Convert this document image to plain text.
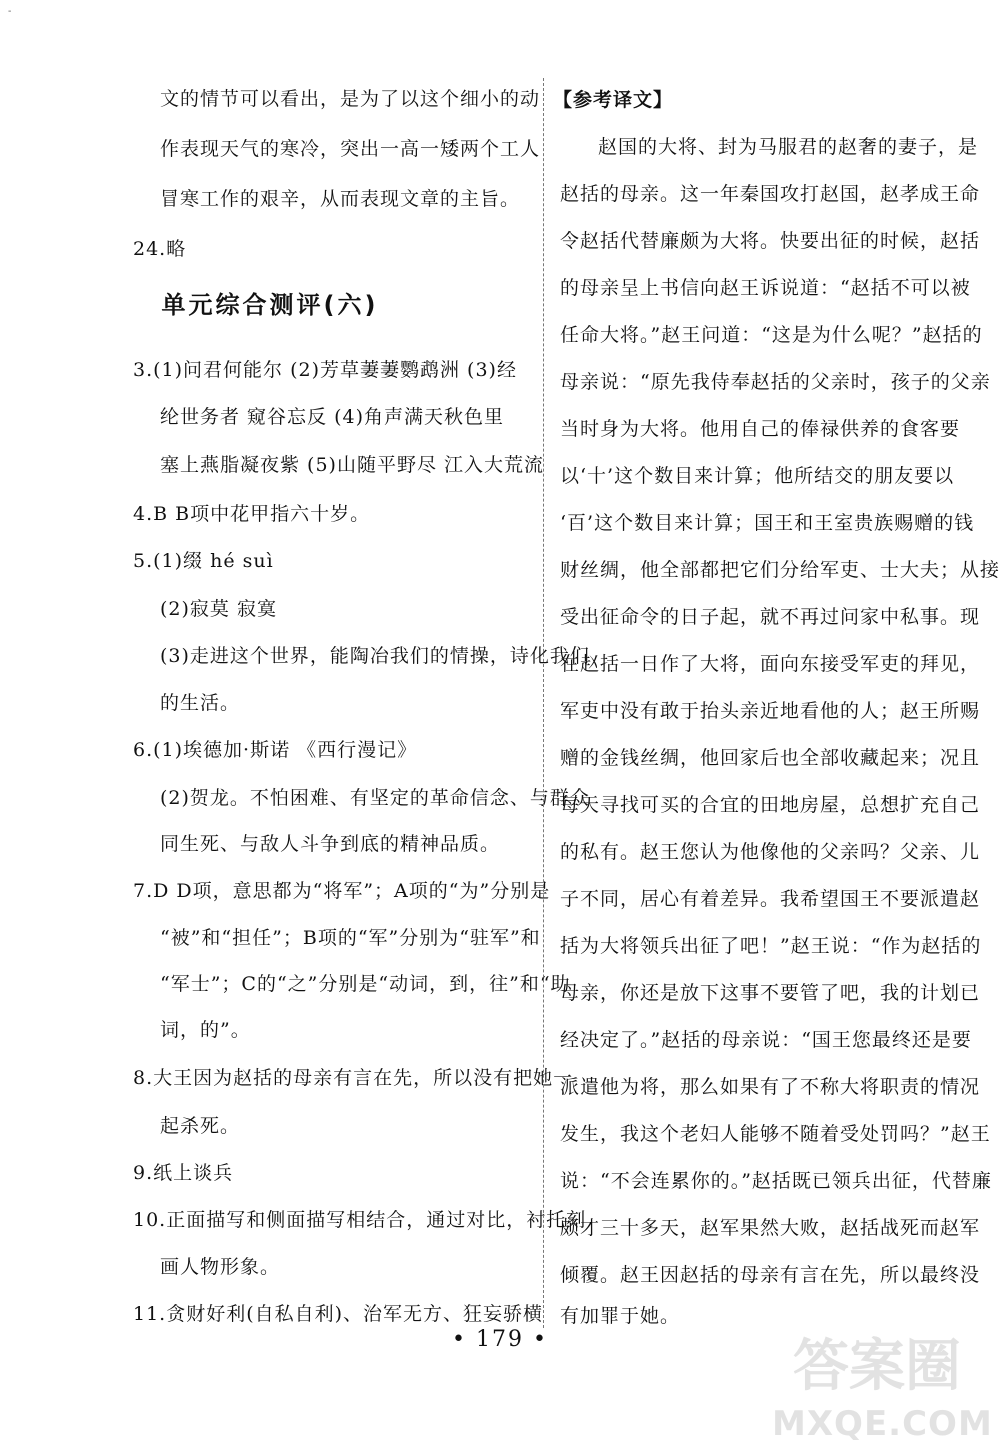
-
文的情节可以看出，是为了以这个细小的动
作表现天气的寒冷，突出一高一矮两个工人
冒寒工作的艰辛，从而表现文章的主旨。
24.略
单元综合测评(六)
3.(1)问君何能尔 (2)芳草萋萋鹦鹉洲 (3)经
纶世务者 窥谷忘反 (4)角声满天秋色里
塞上燕脂凝夜紫 (5)山随平野尽 江入大荒流
4.B B项中花甲指六十岁。
5.(1)缀 hé suì
(2)寂莫 寂寞
(3)走进这个世界，能陶冶我们的情操，诗化我们
的生活。
6.(1)埃德加·斯诺 《西行漫记》
(2)贺龙。不怕困难、有坚定的革命信念、与群众
同生死、与敌人斗争到底的精神品质。
7.D D项，意思都为“将军”；A项的“为”分别是
“被”和“担任”；B项的“军”分别为“驻军”和
“军士”；C的“之”分别是“动词，到，往”和“助
词，的”。
8.大王因为赵括的母亲有言在先，所以没有把她一
起杀死。
9.纸上谈兵
10.正面描写和侧面描写相结合，通过对比，衬托刻
画人物形象。
11.贪财好利(自私自利)、治军无方、狂妄骄横
【参考译文】
赵国的大将、封为马服君的赵奢的妻子，是
赵括的母亲。这一年秦国攻打赵国，赵孝成王命
令赵括代替廉颇为大将。快要出征的时候，赵括
的母亲呈上书信向赵王诉说道：“赵括不可以被
任命大将。”赵王问道：“这是为什么呢？”赵括的
母亲说：“原先我侍奉赵括的父亲时，孩子的父亲
当时身为大将。他用自己的俸禄供养的食客要
以‘十’这个数目来计算；他所结交的朋友要以
‘百’这个数目来计算；国王和王室贵族赐赠的钱
财丝绸，他全部都把它们分给军吏、士大夫；从接
受出征命令的日子起，就不再过问家中私事。现
在赵括一日作了大将，面向东接受军吏的拜见，
军吏中没有敢于抬头亲近地看他的人；赵王所赐
赠的金钱丝绸，他回家后也全部收藏起来；况且
每天寻找可买的合宜的田地房屋，总想扩充自己
的私有。赵王您认为他像他的父亲吗？父亲、儿
子不同，居心有着差异。我希望国王不要派遣赵
括为大将领兵出征了吧！”赵王说：“作为赵括的
母亲，你还是放下这事不要管了吧，我的计划已
经决定了。”赵括的母亲说：“国王您最终还是要
派遣他为将，那么如果有了不称大将职责的情况
发生，我这个老妇人能够不随着受处罚吗？”赵王
说：“不会连累你的。”赵括既已领兵出征，代替廉
颇才三十多天，赵军果然大败，赵括战死而赵军
倾覆。赵王因赵括的母亲有言在先，所以最终没
有加罪于她。
• 179 •	答案圈
MXQE.COM
